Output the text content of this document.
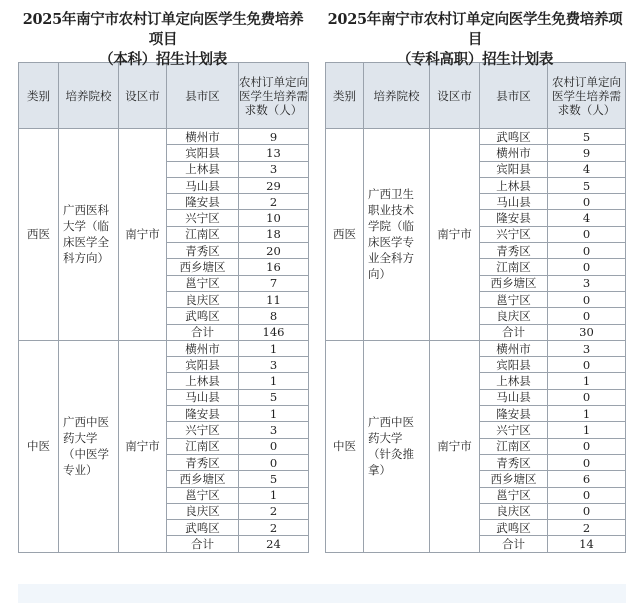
2025年南宁市农村订单定向医学生免费培养项目
（本科）招生计划表
类别	培养院校	设区市	县市区	农村订单定向医学生培养需求数（人）
西医	广西医科大学（临床医学全科方向）	南宁市	横州市	9
			宾阳县	13
			上林县	3
			马山县	29
			隆安县	2
			兴宁区	10
			江南区	18
			青秀区	20
			西乡塘区	16
			邕宁区	7
			良庆区	11
			武鸣区	8
			合计	146
中医	广西中医药大学（中医学专业）	南宁市	横州市	1
			宾阳县	3
			上林县	1
			马山县	5
			隆安县	1
			兴宁区	3
			江南区	0
			青秀区	0
			西乡塘区	5
			邕宁区	1
			良庆区	2
			武鸣区	2
			合计	24
2025年南宁市农村订单定向医学生免费培养项目
（专科高职）招生计划表
类别	培养院校	设区市	县市区	农村订单定向医学生培养需求数（人）
西医	广西卫生职业技术学院（临床医学专业全科方向）	南宁市	武鸣区	5
			横州市	9
			宾阳县	4
			上林县	5
			马山县	0
			隆安县	4
			兴宁区	0
			青秀区	0
			江南区	0
			西乡塘区	3
			邕宁区	0
			良庆区	0
			合计	30
中医	广西中医药大学（针灸推拿）	南宁市	横州市	3
			宾阳县	0
			上林县	1
			马山县	0
			隆安县	1
			兴宁区	1
			江南区	0
			青秀区	0
			西乡塘区	6
			邕宁区	0
			良庆区	0
			武鸣区	2
			合计	14
